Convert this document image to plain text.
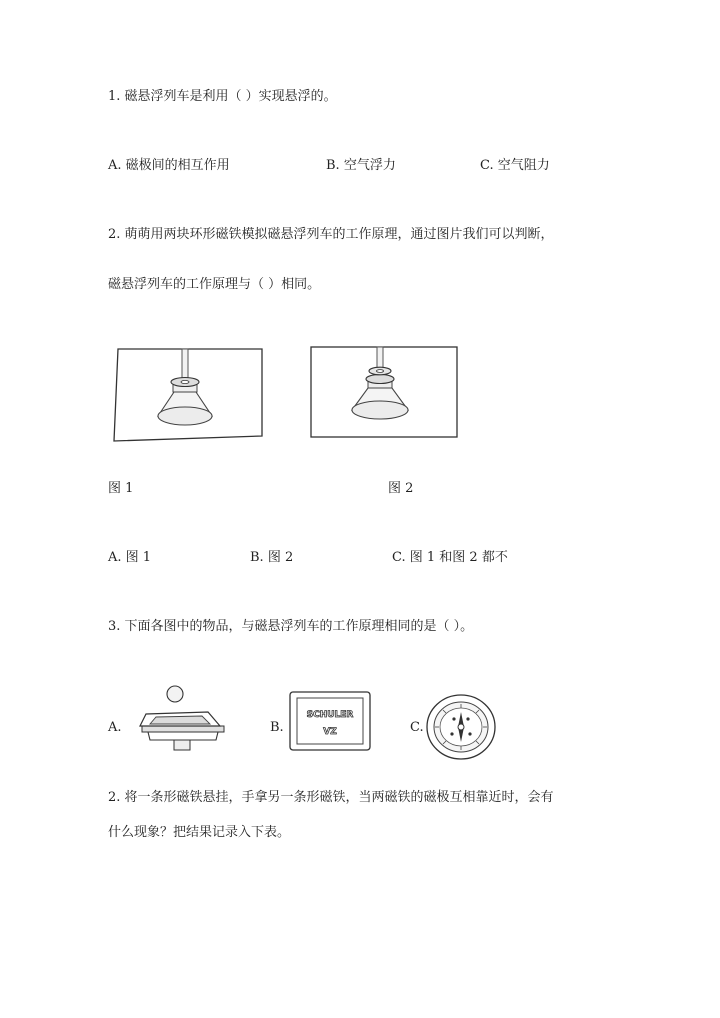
1. 磁悬浮列车是利用（ ）实现悬浮的。
A. 磁极间的相互作用	B. 空气浮力	C. 空气阻力
2. 萌萌用两块环形磁铁模拟磁悬浮列车的工作原理，通过图片我们可以判断，
磁悬浮列车的工作原理与（ ）相同。
图 1	图 2
A. 图 1	B. 图 2	C. 图 1 和图 2 都不
3. 下面各图中的物品，与磁悬浮列车的工作原理相同的是（ ）。
A.	B.
SCHULER
VZ	C.
2. 将一条形磁铁悬挂，手拿另一条形磁铁，当两磁铁的磁极互相靠近时，会有
什么现象？把结果记录入下表。
